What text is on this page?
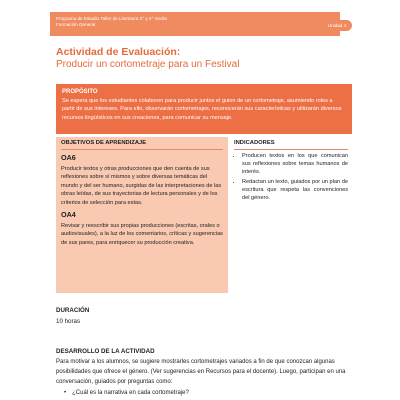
Programa de Estudio Taller de Literatura 3° y 4° medio
Formación General	Unidad 4
Actividad de Evaluación:
Producir un cortometraje para un Festival
PROPÓSITO
Se espera que los estudiantes colaboren para producir juntos el guion de un cortometraje, asumiendo roles a partir de sus intereses. Para ello, observarán cortometrajes, reconocerán sus características y utilizarán diversos recursos lingüísticos en sus creaciones, para comunicar su mensaje.
OBJETIVOS DE APRENDIZAJE
OA6
Producir textos y otras producciones que den cuenta de sus reflexiones sobre sí mismos y sobre diversas temáticas del mundo y del ser humano, surgidas de las interpretaciones de las obras leídas, de sus trayectorias de lectura personales y de los criterios de selección para estas.
OA4
Revisar y reescribir sus propias producciones (escritas, orales o audiovisuales), a la luz de los comentarios, críticas y sugerencias de sus pares, para enriquecer su producción creativa.
INDICADORES
• Producen textos en los que comunican sus reflexiones sobre temas humanos de interés.
• Redactan un texto, guiados por un plan de escritura que respeta las convenciones del género.
DURACIÓN
10 horas
DESARROLLO DE LA ACTIVIDAD
Para motivar a los alumnos, se sugiere mostrarles cortometrajes variados a fin de que conozcan algunas posibilidades que ofrece el género. (Ver sugerencias en Recursos para el docente). Luego, participan en una conversación, guiados por preguntas como:
• ¿Cuál es la narrativa en cada cortometraje?
